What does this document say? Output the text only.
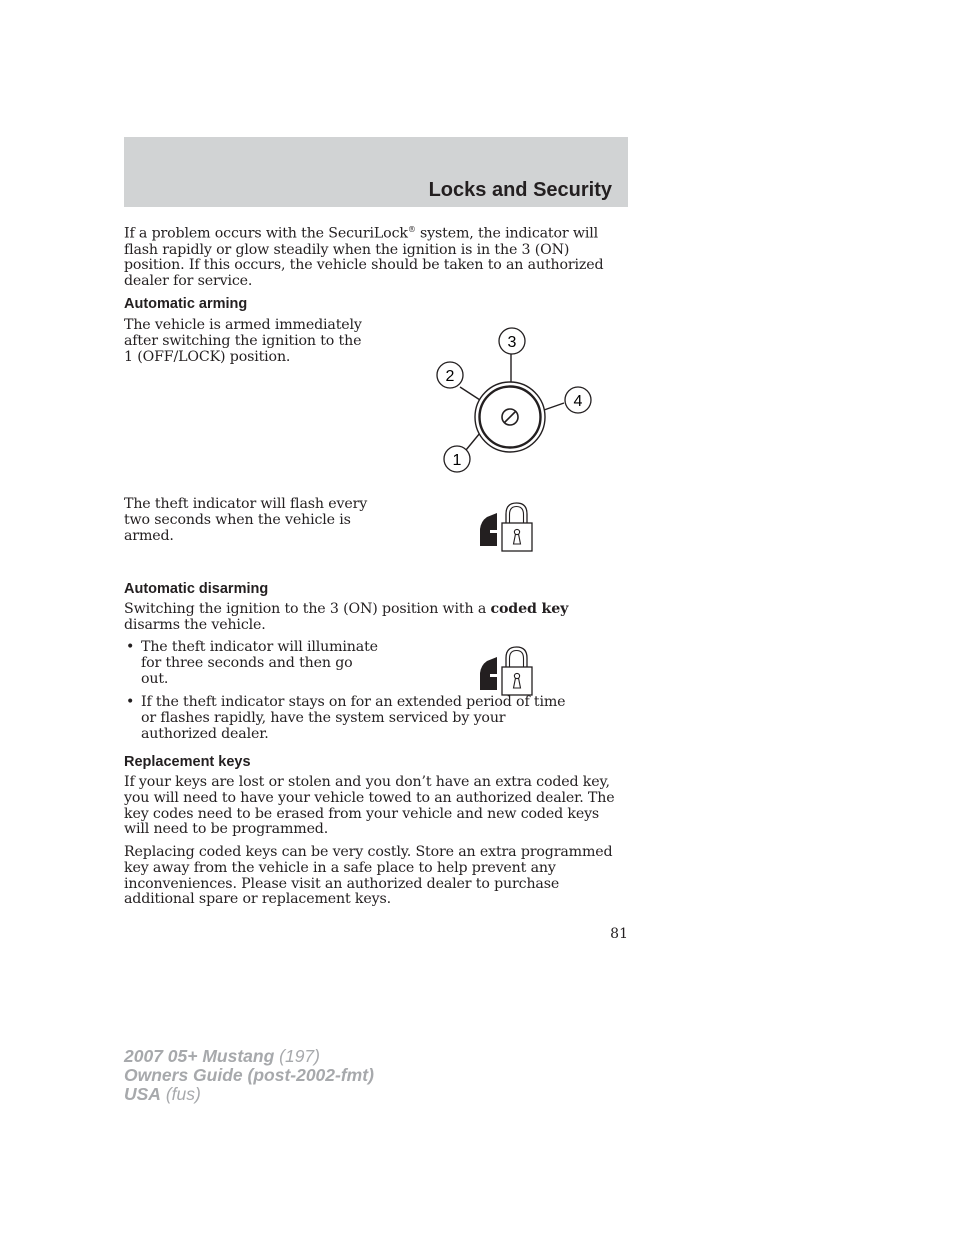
Locks and Security

If a problem occurs with the SecuriLock® system, the indicator will flash rapidly or glow steadily when the ignition is in the 3 (ON) position. If this occurs, the vehicle should be taken to an authorized dealer for service.

Automatic arming

The vehicle is armed immediately after switching the ignition to the 1 (OFF/LOCK) position.

3
2
4
1

The theft indicator will flash every two seconds when the vehicle is armed.

Automatic disarming

Switching the ignition to the 3 (ON) position with a coded key disarms the vehicle.

• The theft indicator will illuminate for three seconds and then go out.

• If the theft indicator stays on for an extended period of time or flashes rapidly, have the system serviced by your authorized dealer.

Replacement keys

If your keys are lost or stolen and you don’t have an extra coded key, you will need to have your vehicle towed to an authorized dealer. The key codes need to be erased from your vehicle and new coded keys will need to be programmed.

Replacing coded keys can be very costly. Store an extra programmed key away from the vehicle in a safe place to help prevent any inconveniences. Please visit an authorized dealer to purchase additional spare or replacement keys.

81

2007 05+ Mustang (197)
Owners Guide (post-2002-fmt)
USA (fus)
